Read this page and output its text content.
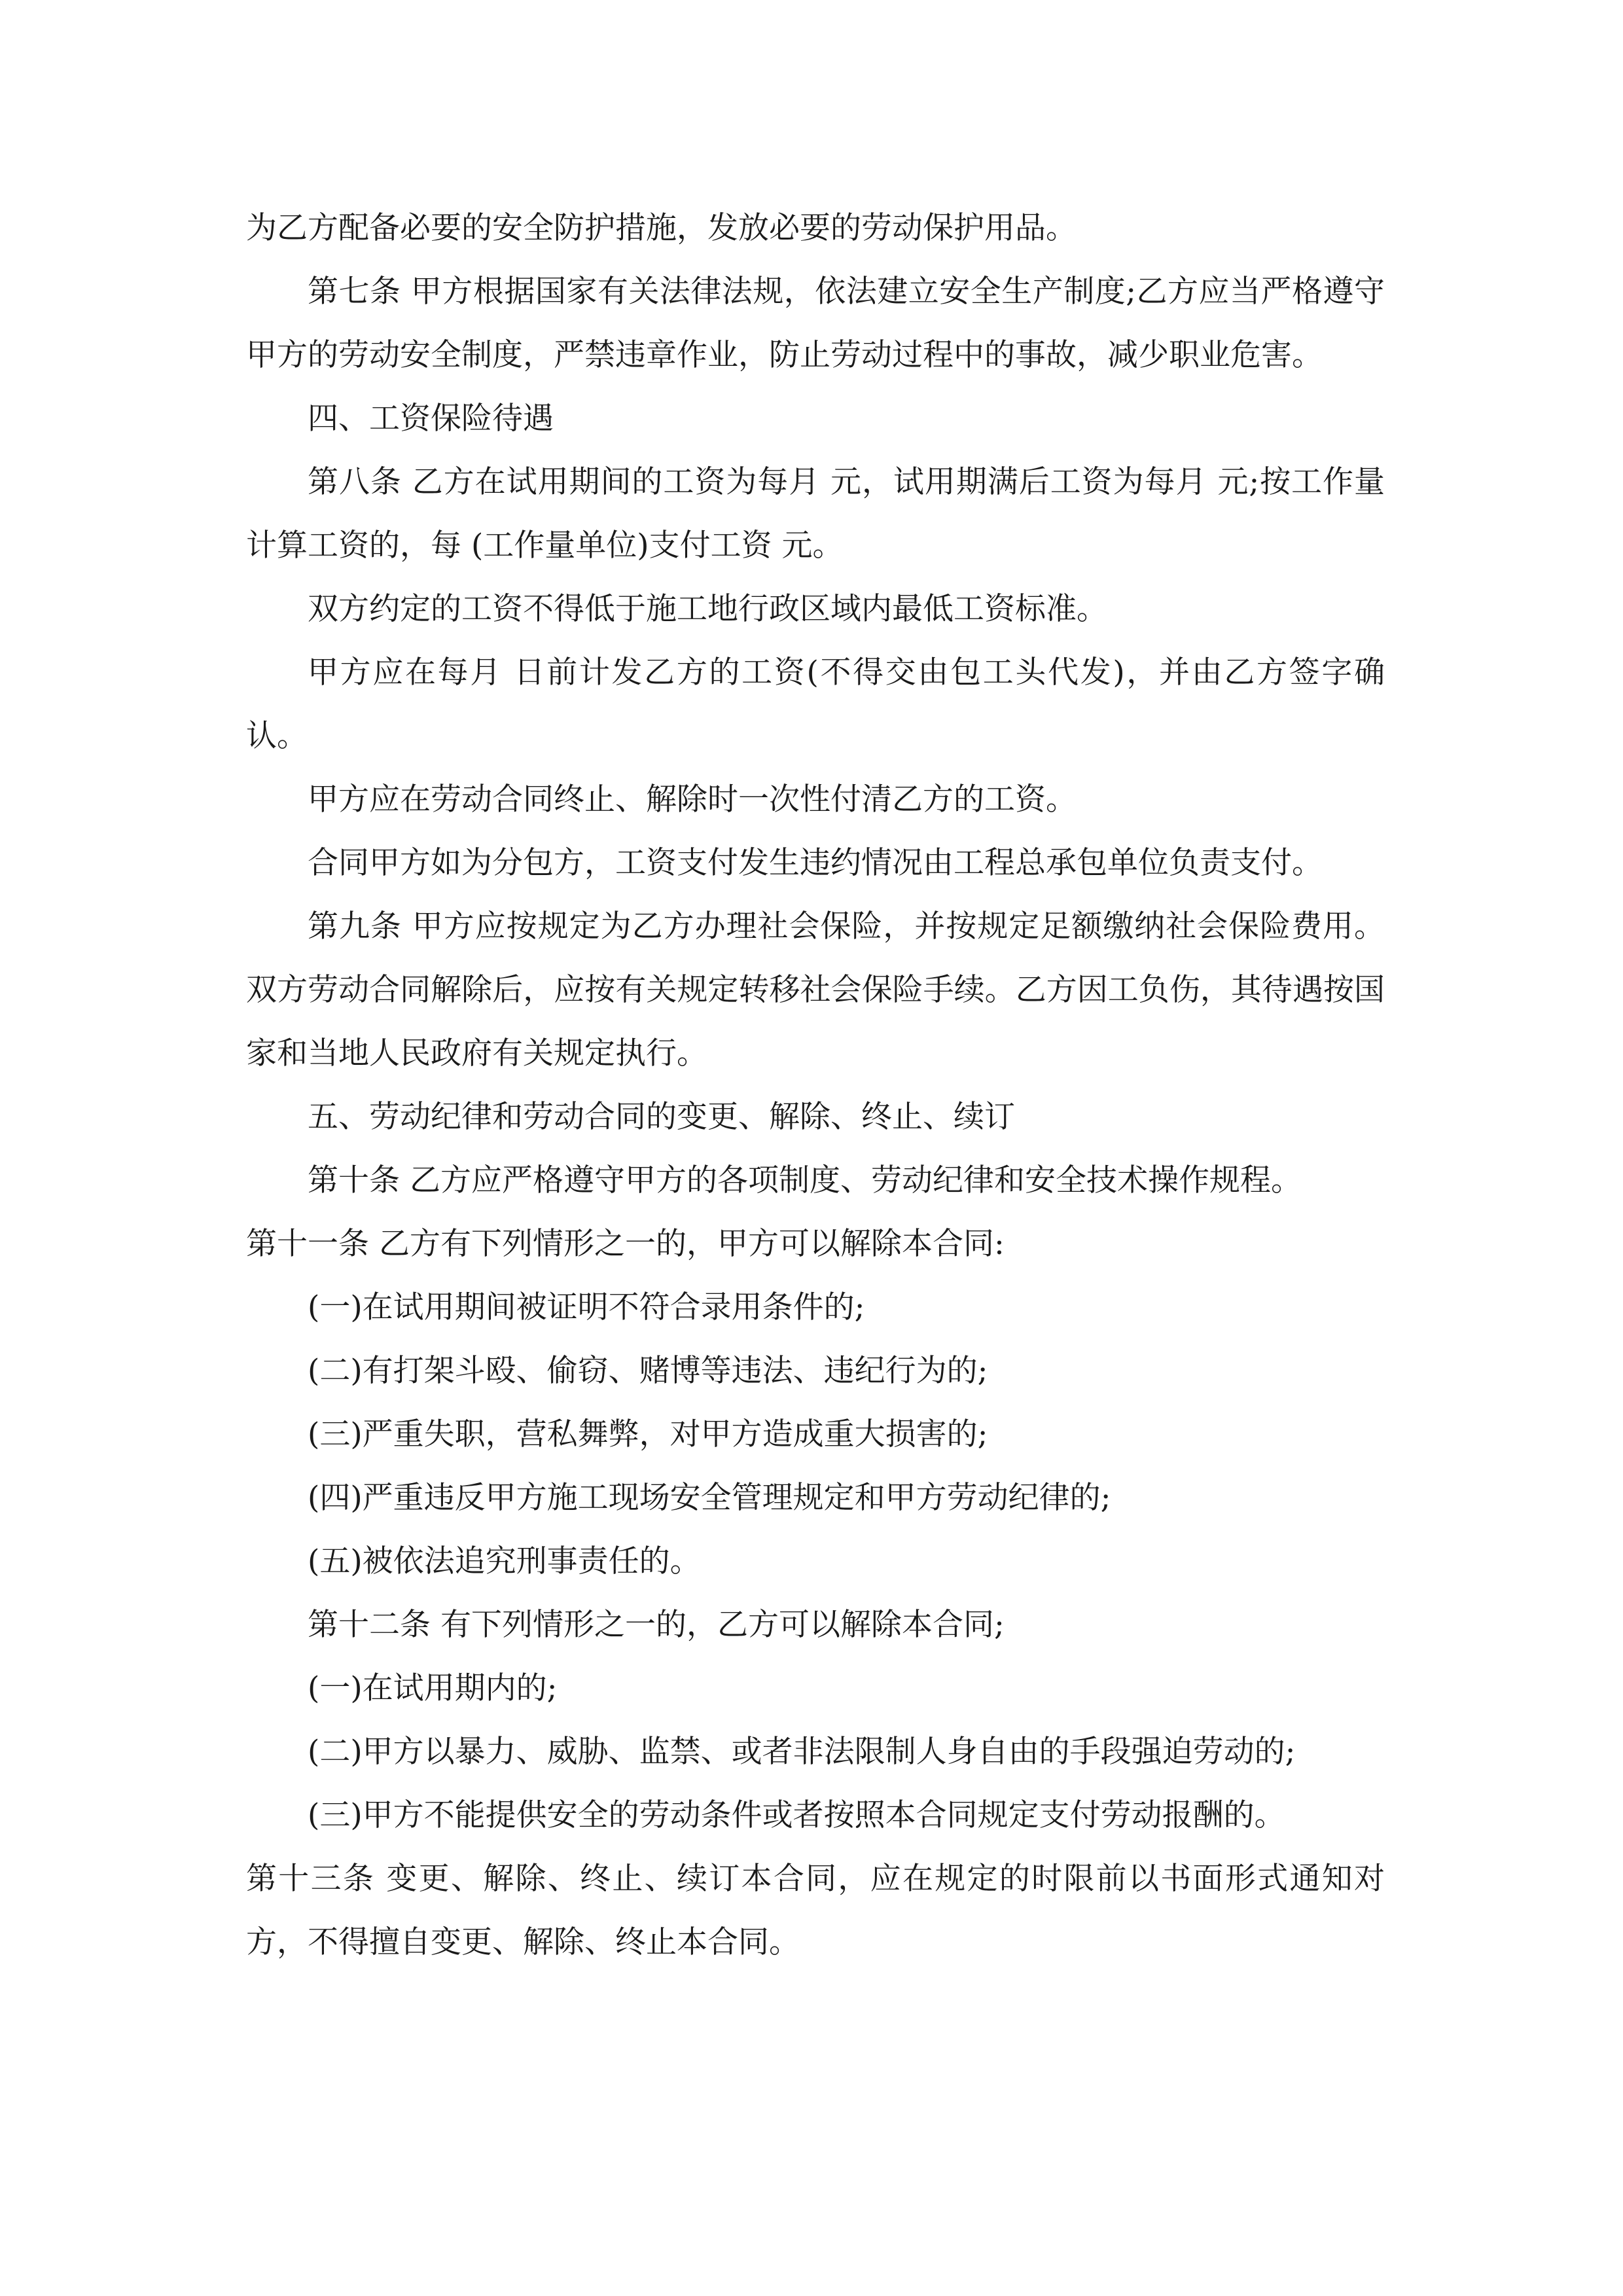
为乙方配备必要的安全防护措施，发放必要的劳动保护用品。

第七条 甲方根据国家有关法律法规，依法建立安全生产制度;乙方应当严格遵守甲方的劳动安全制度，严禁违章作业，防止劳动过程中的事故，减少职业危害。

四、工资保险待遇

第八条 乙方在试用期间的工资为每月 元，试用期满后工资为每月 元;按工作量计算工资的，每 (工作量单位)支付工资 元。

双方约定的工资不得低于施工地行政区域内最低工资标准。

甲方应在每月 日前计发乙方的工资(不得交由包工头代发)，并由乙方签字确认。

甲方应在劳动合同终止、解除时一次性付清乙方的工资。

合同甲方如为分包方，工资支付发生违约情况由工程总承包单位负责支付。

第九条 甲方应按规定为乙方办理社会保险，并按规定足额缴纳社会保险费用。双方劳动合同解除后，应按有关规定转移社会保险手续。乙方因工负伤，其待遇按国家和当地人民政府有关规定执行。

五、劳动纪律和劳动合同的变更、解除、终止、续订

第十条 乙方应严格遵守甲方的各项制度、劳动纪律和安全技术操作规程。

第十一条 乙方有下列情形之一的，甲方可以解除本合同:

(一)在试用期间被证明不符合录用条件的;

(二)有打架斗殴、偷窃、赌博等违法、违纪行为的;

(三)严重失职，营私舞弊，对甲方造成重大损害的;

(四)严重违反甲方施工现场安全管理规定和甲方劳动纪律的;

(五)被依法追究刑事责任的。

第十二条 有下列情形之一的，乙方可以解除本合同;

(一)在试用期内的;

(二)甲方以暴力、威胁、监禁、或者非法限制人身自由的手段强迫劳动的;

(三)甲方不能提供安全的劳动条件或者按照本合同规定支付劳动报酬的。

第十三条 变更、解除、终止、续订本合同，应在规定的时限前以书面形式通知对方，不得擅自变更、解除、终止本合同。
